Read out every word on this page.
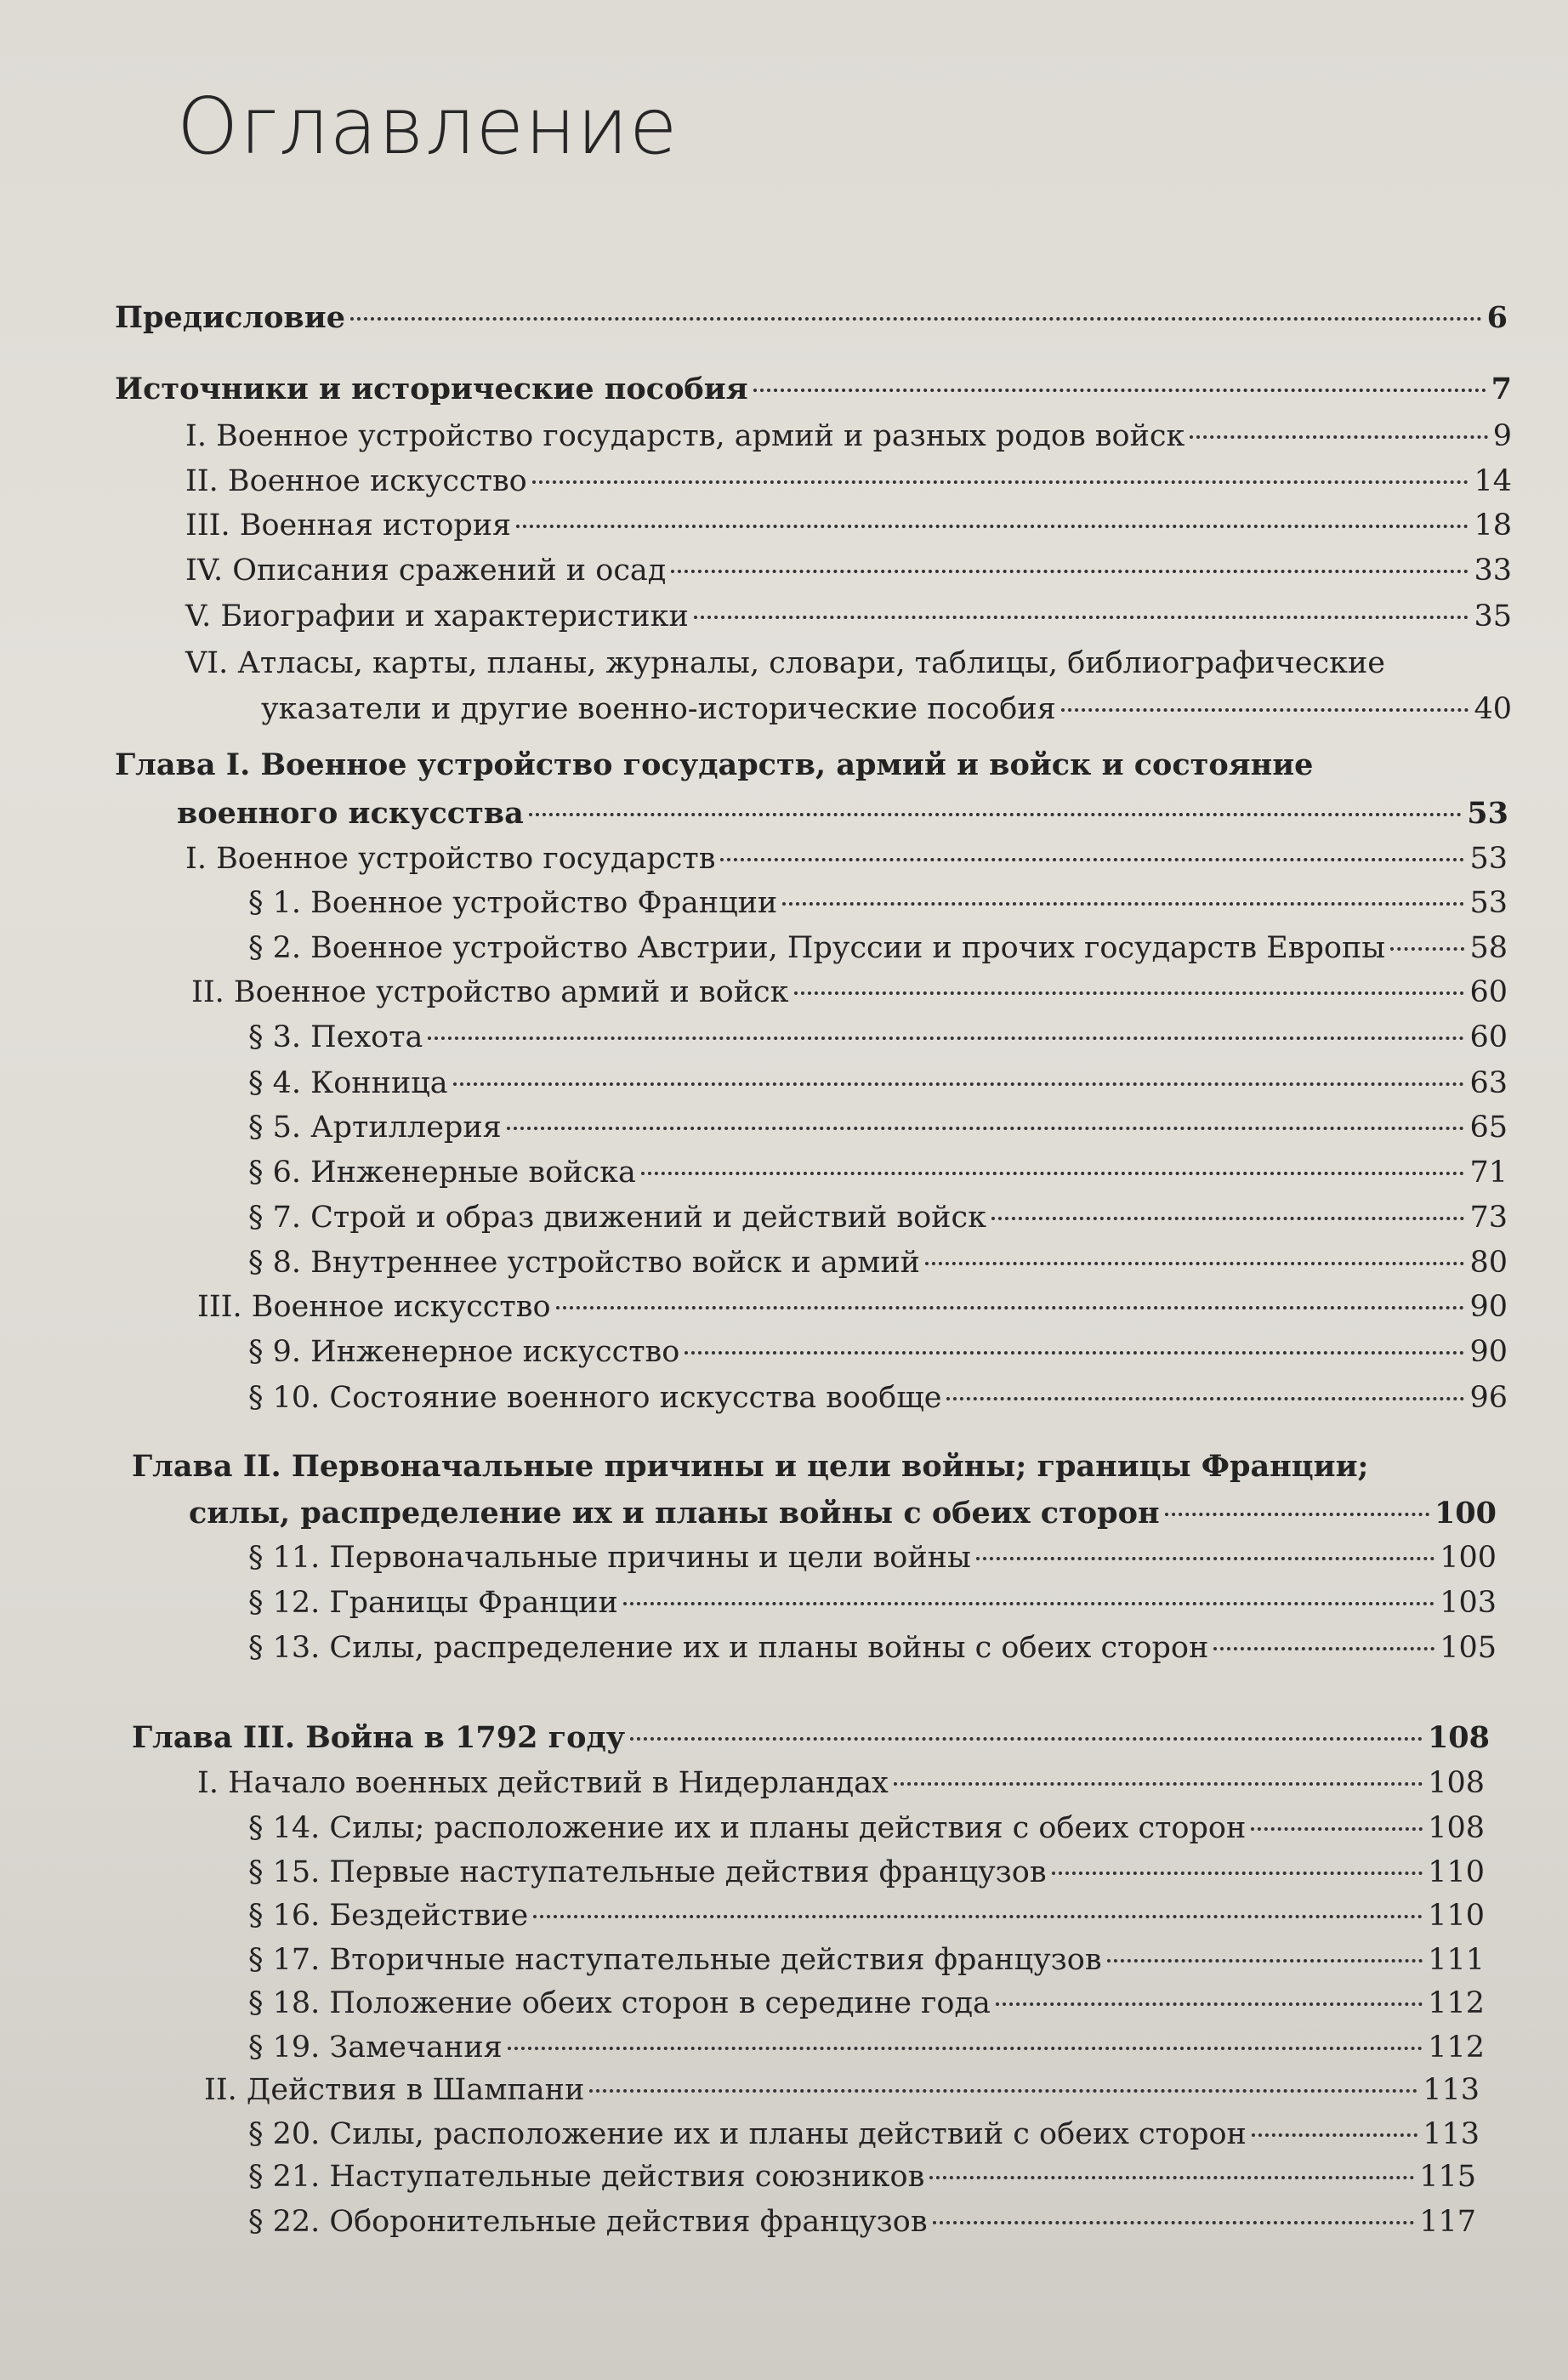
Оглавление
Предисловие	6
Источники и исторические пособия	7
I. Военное устройство государств, армий и разных родов войск	9
II. Военное искусство	14
III. Военная история	18
IV. Описания сражений и осад	33
V. Биографии и характеристики	35
VI. Атласы, карты, планы, журналы, словари, таблицы, библиографические
указатели и другие военно-исторические пособия	40
Глава I. Военное устройство государств, армий и войск и состояние
военного искусства	53
I. Военное устройство государств	53
§ 1. Военное устройство Франции	53
§ 2. Военное устройство Австрии, Пруссии и прочих государств Европы	58
II. Военное устройство армий и войск	60
§ 3. Пехота	60
§ 4. Конница	63
§ 5. Артиллерия	65
§ 6. Инженерные войска	71
§ 7. Строй и образ движений и действий войск	73
§ 8. Внутреннее устройство войск и армий	80
III. Военное искусство	90
§ 9. Инженерное искусство	90
§ 10. Состояние военного искусства вообще	96
Глава II. Первоначальные причины и цели войны; границы Франции;
силы, распределение их и планы войны с обеих сторон	100
§ 11. Первоначальные причины и цели войны	100
§ 12. Границы Франции	103
§ 13. Силы, распределение их и планы войны с обеих сторон	105
Глава III. Война в 1792 году	108
I. Начало военных действий в Нидерландах	108
§ 14. Силы; расположение их и планы действия с обеих сторон	108
§ 15. Первые наступательные действия французов	110
§ 16. Бездействие	110
§ 17. Вторичные наступательные действия французов	111
§ 18. Положение обеих сторон в середине года	112
§ 19. Замечания	112
II. Действия в Шампани	113
§ 20. Силы, расположение их и планы действий с обеих сторон	113
§ 21. Наступательные действия союзников	115
§ 22. Оборонительные действия французов	117
